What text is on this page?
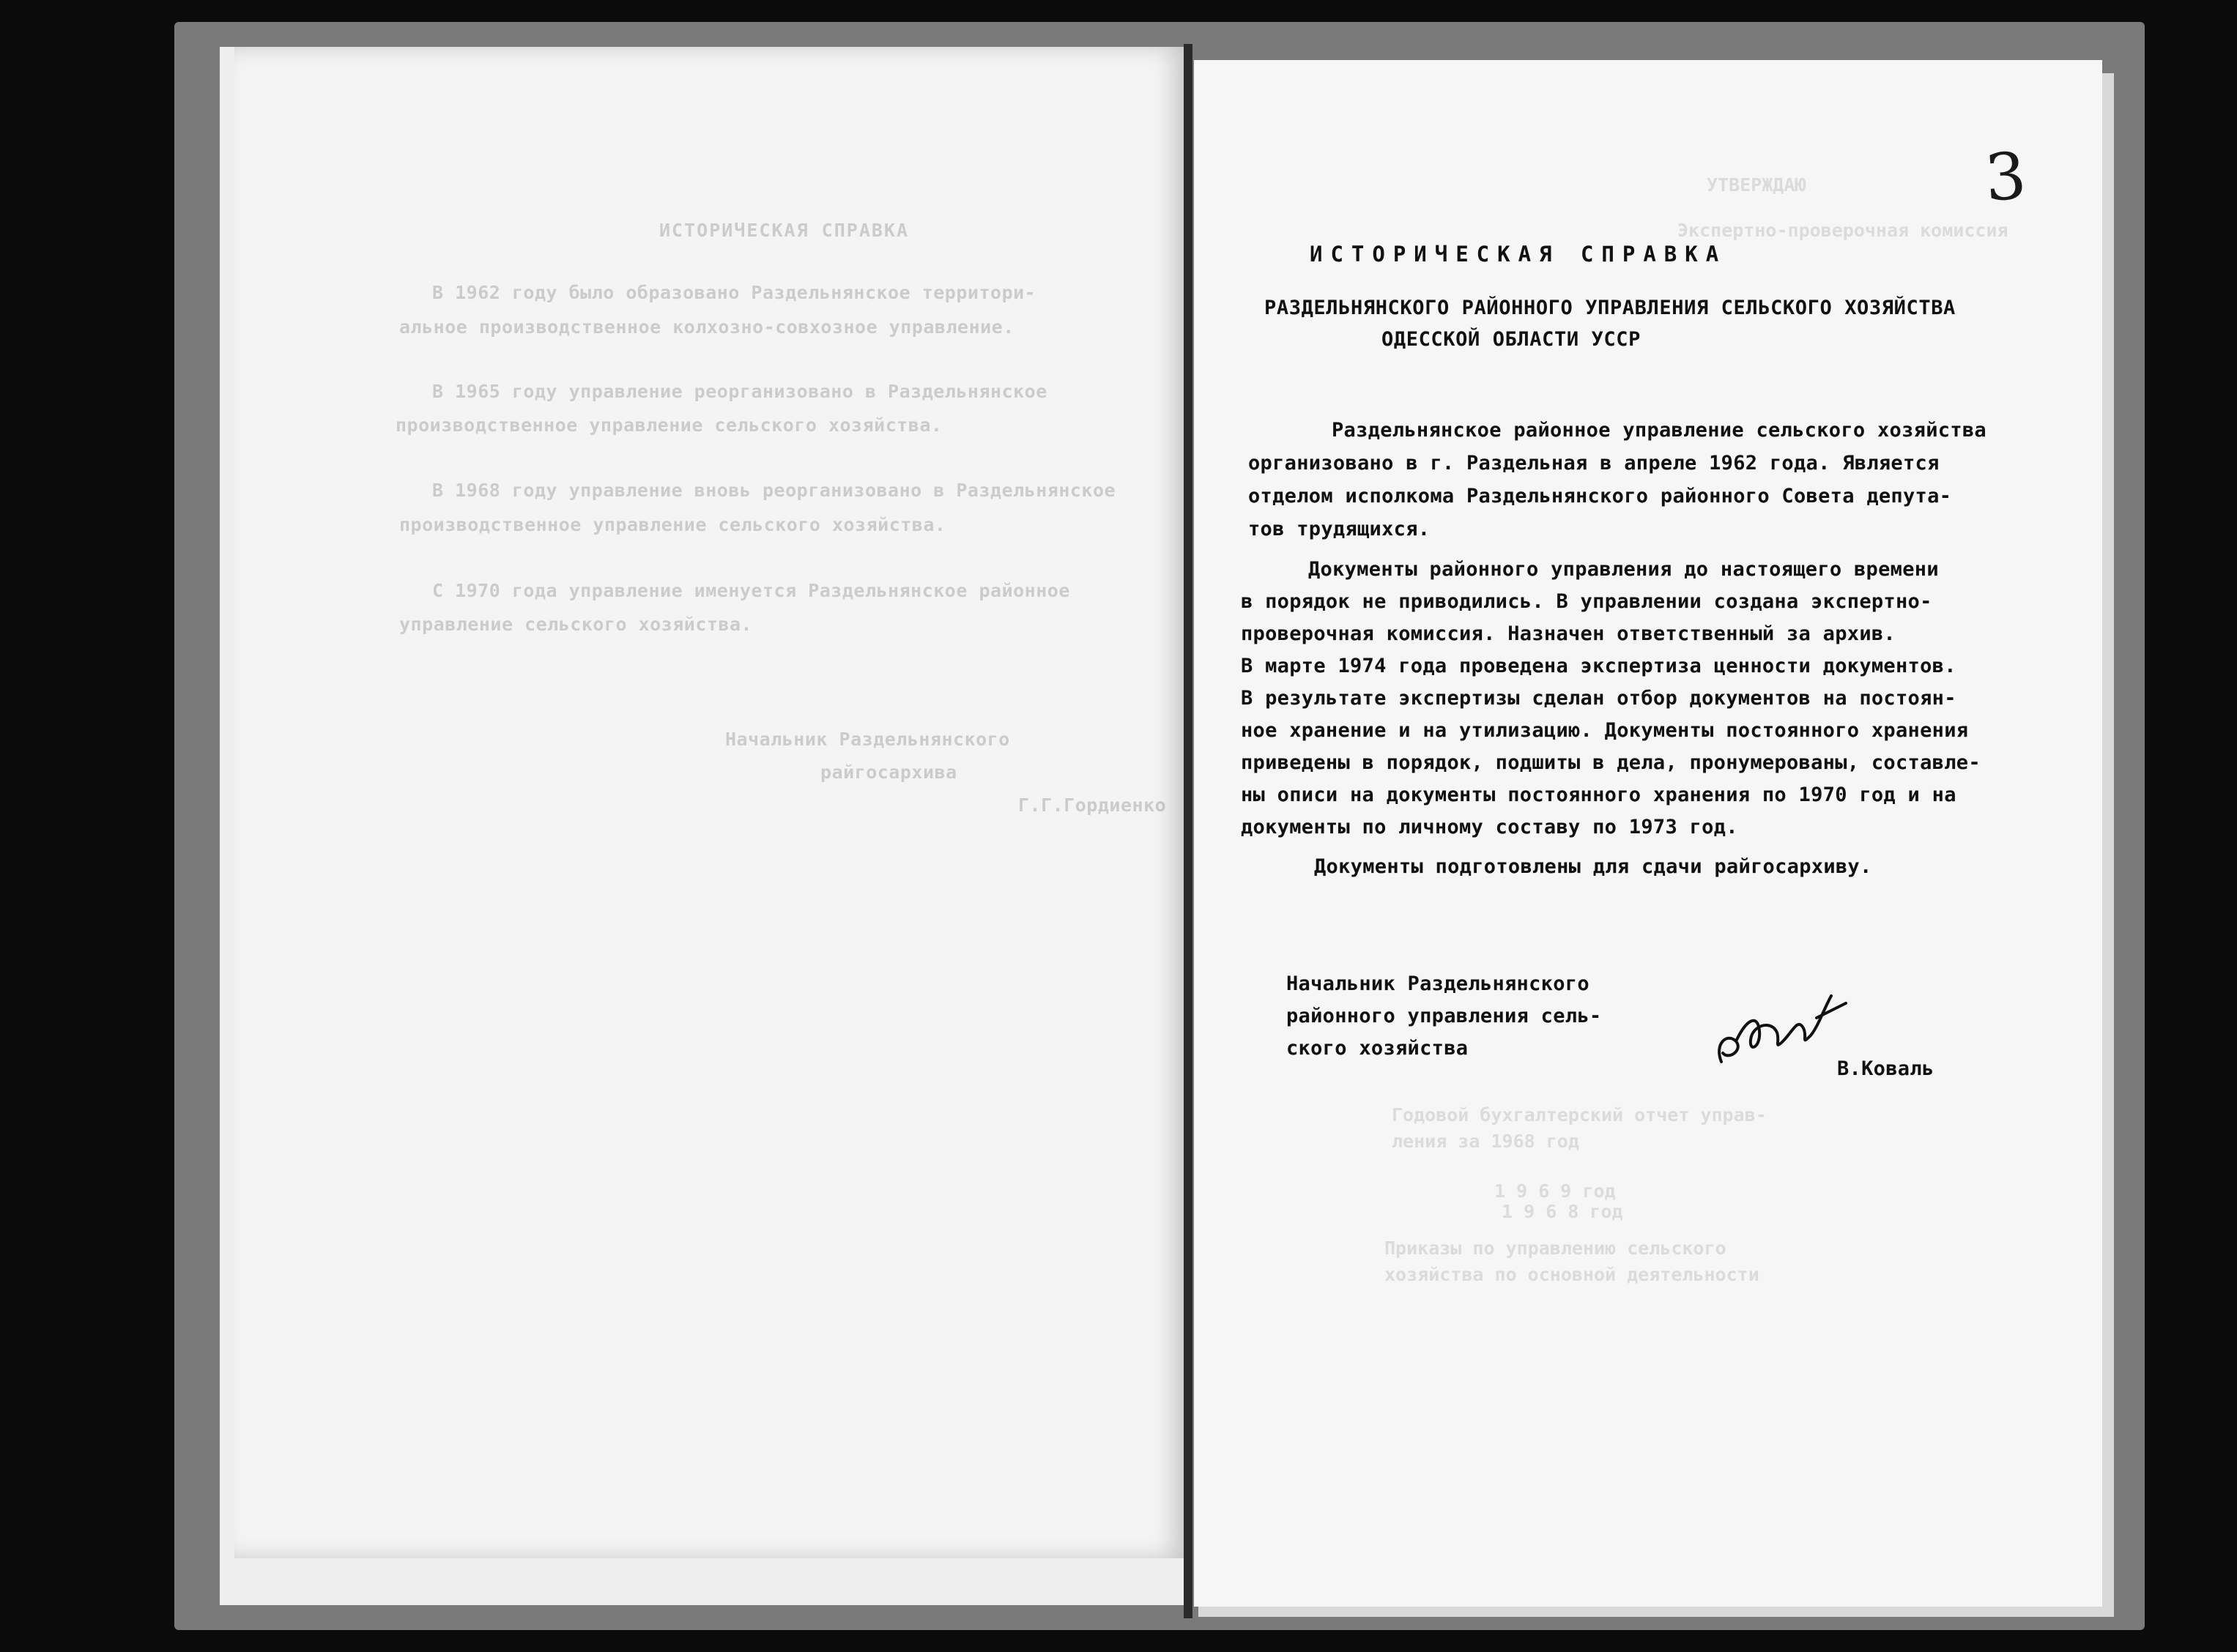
ИСТОРИЧЕСКАЯ СПРАВКА
В 1962 году было образовано Раздельнянское территори-
альное производственное колхозно-совхозное управление.
В 1965 году управление реорганизовано в Раздельнянское
производственное управление сельского хозяйства.
В 1968 году управление вновь реорганизовано в Раздельнянское
производственное управление сельского хозяйства.
С 1970 года управление именуется Раздельнянское районное
управление сельского хозяйства.
Начальник Раздельнянского
райгосархива
Г.Г.Гордиенко
УТВЕРЖДАЮ
Экспертно-проверочная комиссия
1 9 6 8 год
Годовой бухгалтерский отчет управ-
ления за 1968 год
1 9 6 9 год
Приказы по управлению сельского
хозяйства по основной деятельности
3
ИСТОРИЧЕСКАЯ СПРАВКА
РАЗДЕЛЬНЯНСКОГО РАЙОННОГО УПРАВЛЕНИЯ СЕЛЬСКОГО ХОЗЯЙСТВА
ОДЕССКОЙ ОБЛАСТИ УССР
Раздельнянское районное управление сельского хозяйства
организовано в г. Раздельная в апреле 1962 года. Является
отделом исполкома Раздельнянского районного Совета депута-
тов трудящихся.
Документы районного управления до настоящего времени
в порядок не приводились. В управлении создана экспертно-
проверочная комиссия. Назначен ответственный за архив.
В марте 1974 года проведена экспертиза ценности документов.
В результате экспертизы сделан отбор документов на постоян-
ное хранение и на утилизацию. Документы постоянного хранения
приведены в порядок, подшиты в дела, пронумерованы, составле-
ны описи на документы постоянного хранения по 1970 год и на
документы по личному составу по 1973 год.
Документы подготовлены для сдачи райгосархиву.
Начальник Раздельнянского
районного управления сель-
ского хозяйства
В.Коваль
